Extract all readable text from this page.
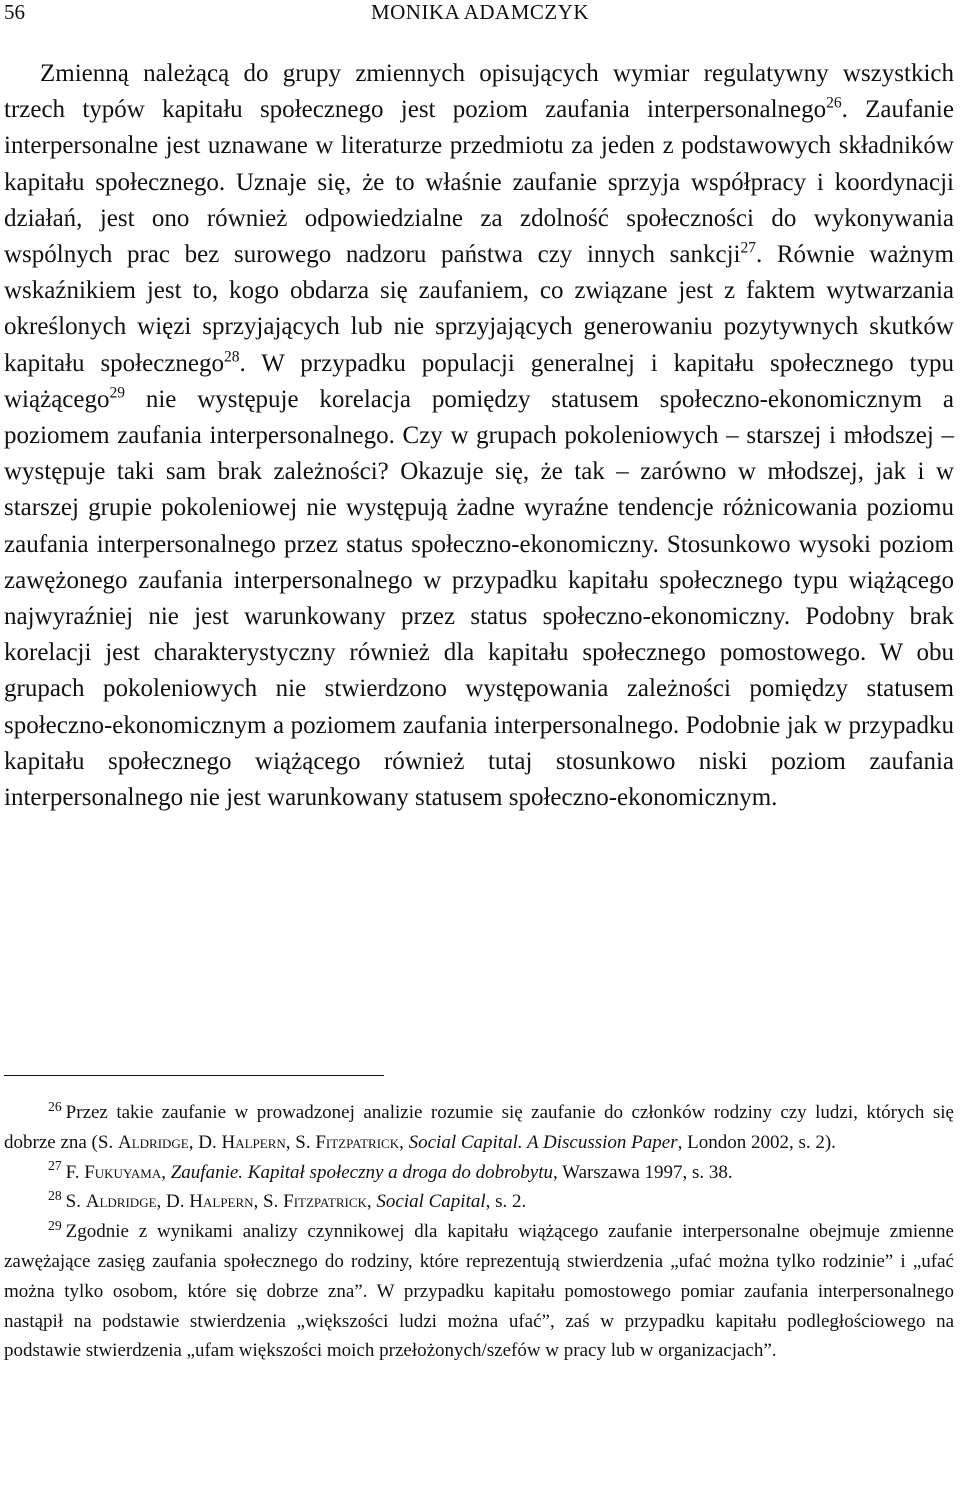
56	MONIKA ADAMCZYK

Zmienną należącą do grupy zmiennych opisujących wymiar regulatywny wszystkich trzech typów kapitału społecznego jest poziom zaufania interpersonalnego$^{26}$. Zaufanie interpersonalne jest uznawane w literaturze przedmiotu za jeden z podstawowych składników kapitału społecznego. Uznaje się, że to właśnie zaufanie sprzyja współpracy i koordynacji działań, jest ono również odpowiedzialne za zdolność społeczności do wykonywania wspólnych prac bez surowego nadzoru państwa czy innych sankcji$^{27}$. Równie ważnym wskaźnikiem jest to, kogo obdarza się zaufaniem, co związane jest z faktem wytwarzania określonych więzi sprzyjających lub nie sprzyjających generowaniu pozytywnych skutków kapitału społecznego$^{28}$. W przypadku populacji generalnej i kapitału społecznego typu wiążącego$^{29}$ nie występuje korelacja pomiędzy statusem społeczno-ekonomicznym a poziomem zaufania interpersonalnego. Czy w grupach pokoleniowych – starszej i młodszej – występuje taki sam brak zależności? Okazuje się, że tak – zarówno w młodszej, jak i w starszej grupie pokoleniowej nie występują żadne wyraźne tendencje różnicowania poziomu zaufania interpersonalnego przez status społeczno-ekonomiczny. Stosunkowo wysoki poziom zawężonego zaufania interpersonalnego w przypadku kapitału społecznego typu wiążącego najwyraźniej nie jest warunkowany przez status społeczno-ekonomiczny. Podobny brak korelacji jest charakterystyczny również dla kapitału społecznego pomostowego. W obu grupach pokoleniowych nie stwierdzono występowania zależności pomiędzy statusem społeczno-ekonomicznym a poziomem zaufania interpersonalnego. Podobnie jak w przypadku kapitału społecznego wiążącego również tutaj stosunkowo niski poziom zaufania interpersonalnego nie jest warunkowany statusem społeczno-ekonomicznym.

$^{26}$ Przez takie zaufanie w prowadzonej analizie rozumie się zaufanie do członków rodziny czy ludzi, których się dobrze zna (S. Aldridge, D. Halpern, S. Fitzpatrick, Social Capital. A Discussion Paper, London 2002, s. 2).

$^{27}$ F. Fukuyama, Zaufanie. Kapitał społeczny a droga do dobrobytu, Warszawa 1997, s. 38.

$^{28}$ S. Aldridge, D. Halpern, S. Fitzpatrick, Social Capital, s. 2.

$^{29}$ Zgodnie z wynikami analizy czynnikowej dla kapitału wiążącego zaufanie interpersonalne obejmuje zmienne zawężające zasięg zaufania społecznego do rodziny, które reprezentują stwierdzenia „ufać można tylko rodzinie” i „ufać można tylko osobom, które się dobrze zna”. W przypadku kapitału pomostowego pomiar zaufania interpersonalnego nastąpił na podstawie stwierdzenia „większości ludzi można ufać”, zaś w przypadku kapitału podległościowego na podstawie stwierdzenia „ufam większości moich przełożonych/szefów w pracy lub w organizacjach”.
